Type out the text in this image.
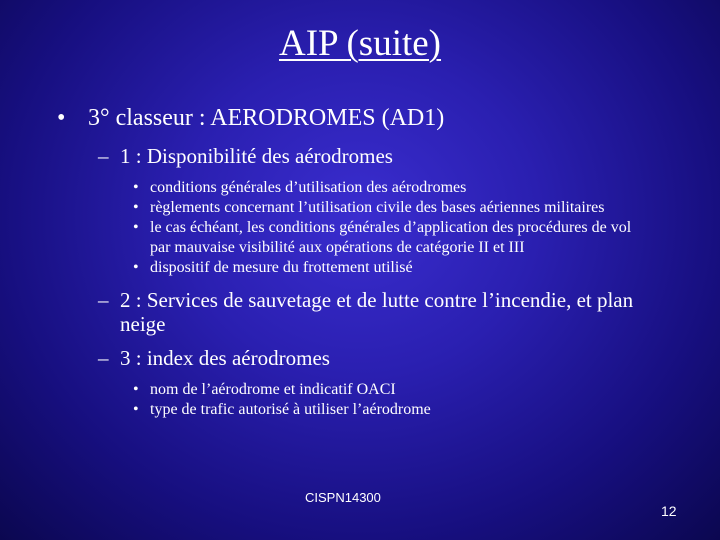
AIP (suite)
• 3° classeur : AERODROMES (AD1)
– 1 : Disponibilité des aérodromes
• conditions générales d’utilisation des aérodromes
• règlements concernant l’utilisation civile des bases aériennes militaires
• le cas échéant, les conditions générales d’application des procédures de vol par mauvaise visibilité aux opérations de catégorie II et III
• dispositif de mesure du frottement utilisé
– 2 : Services de sauvetage et de lutte contre l’incendie, et plan neige
– 3 : index des aérodromes
• nom de l’aérodrome et indicatif OACI
• type de trafic autorisé à utiliser l’aérodrome
CISPN14300
12
